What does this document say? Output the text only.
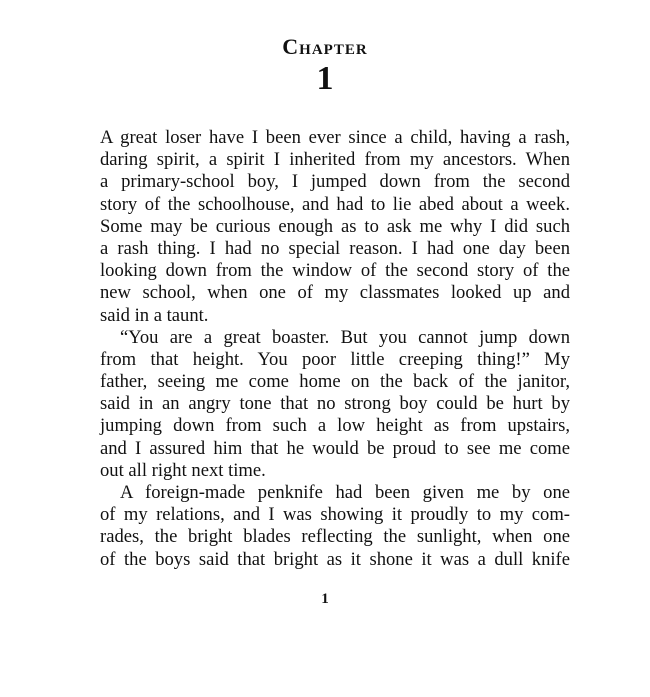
Chapter
1
A great loser have I been ever since a child, having a rash,
daring spirit, a spirit I inherited from my ancestors. When
a primary-school boy, I jumped down from the second
story of the schoolhouse, and had to lie abed about a week.
Some may be curious enough as to ask me why I did such
a rash thing. I had no special reason. I had one day been
looking down from the window of the second story of the
new school, when one of my classmates looked up and
said in a taunt.
“You are a great boaster. But you cannot jump down
from that height. You poor little creeping thing!” My
father, seeing me come home on the back of the janitor,
said in an angry tone that no strong boy could be hurt by
jumping down from such a low height as from upstairs,
and I assured him that he would be proud to see me come
out all right next time.
A foreign-made penknife had been given me by one
of my relations, and I was showing it proudly to my com-
rades, the bright blades reflecting the sunlight, when one
of the boys said that bright as it shone it was a dull knife
1
